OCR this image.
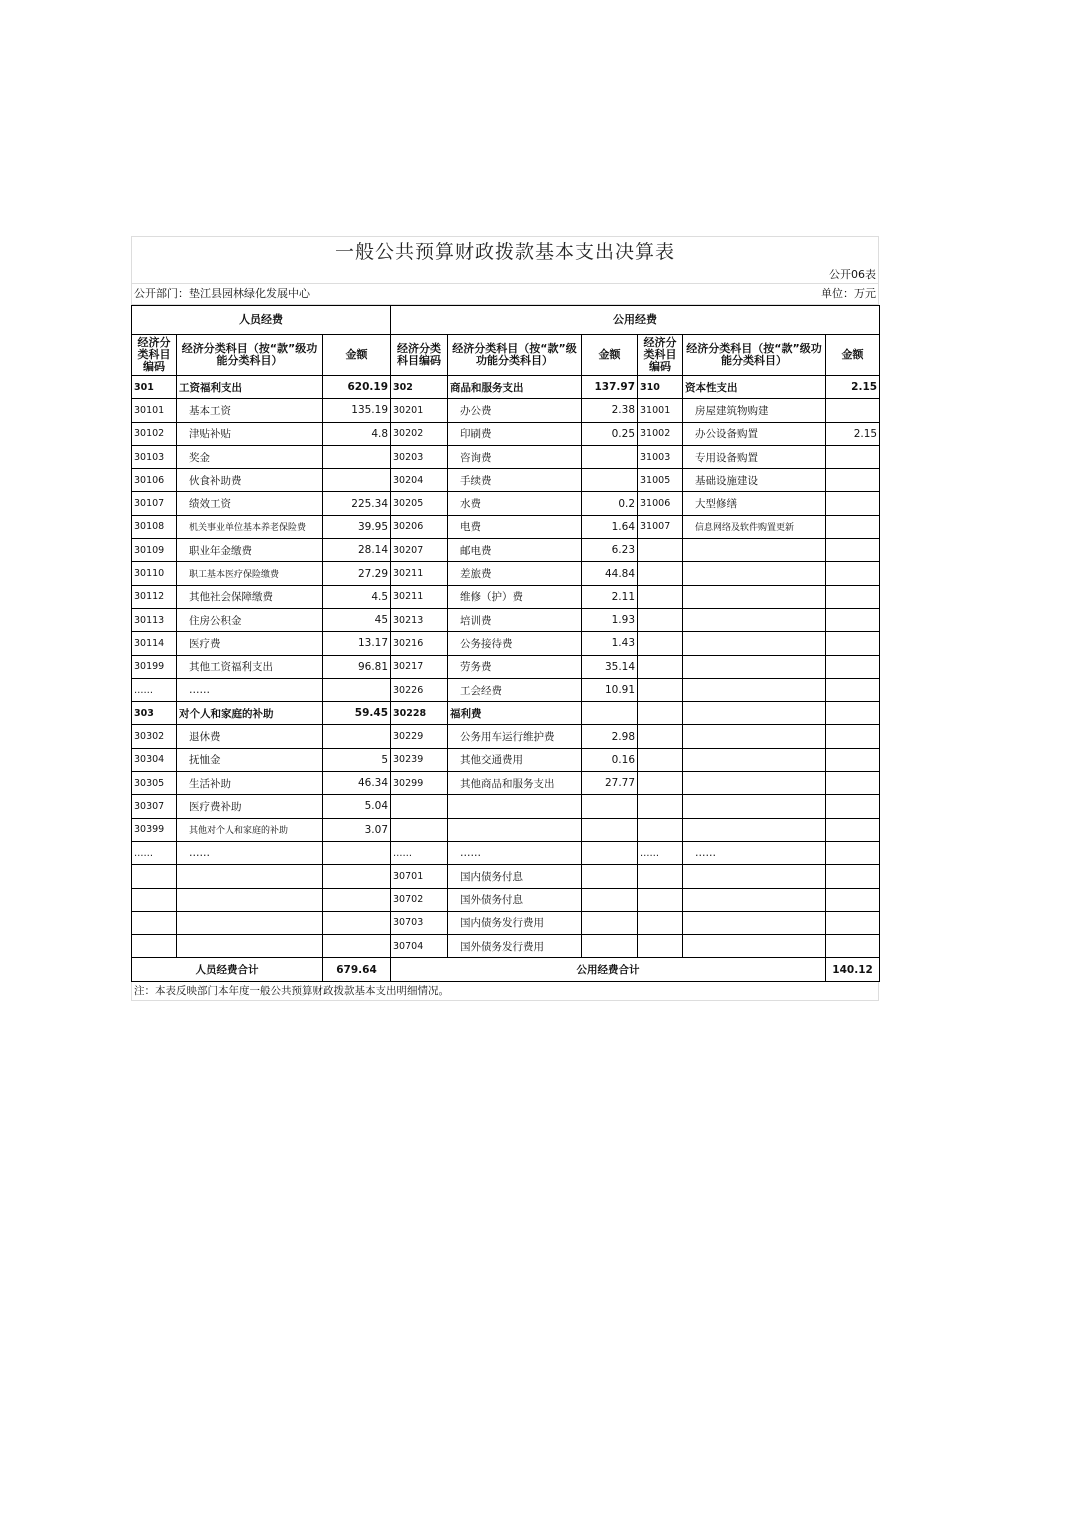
一般公共预算财政拨款基本支出决算表
公开06表
公开部门：垫江县园林绿化发展中心	单位：万元
人员经费			公用经费					
经济分类科目编码	经济分类科目（按“款”级功能分类科目）	金额	经济分类科目编码	经济分类科目（按“款”级功能分类科目）	金额	经济分类科目编码	经济分类科目（按“款”级功能分类科目）	金额
301	工资福利支出	620.19	302	商品和服务支出	137.97	310	资本性支出	2.15
30101	基本工资	135.19	30201	办公费	2.38	31001	房屋建筑物购建	
30102	津贴补贴	4.8	30202	印刷费	0.25	31002	办公设备购置	2.15
30103	奖金		30203	咨询费		31003	专用设备购置	
30106	伙食补助费		30204	手续费		31005	基础设施建设	
30107	绩效工资	225.34	30205	水费	0.2	31006	大型修缮	
30108	机关事业单位基本养老保险费	39.95	30206	电费	1.64	31007	信息网络及软件购置更新	
30109	职业年金缴费	28.14	30207	邮电费	6.23			
30110	职工基本医疗保险缴费	27.29	30211	差旅费	44.84			
30112	其他社会保障缴费	4.5	30211	维修（护）费	2.11			
30113	住房公积金	45	30213	培训费	1.93			
30114	医疗费	13.17	30216	公务接待费	1.43			
30199	其他工资福利支出	96.81	30217	劳务费	35.14			
……	……		30226	工会经费	10.91			
303	对个人和家庭的补助	59.45	30228	福利费				
30302	退休费		30229	公务用车运行维护费	2.98			
30304	抚恤金	5	30239	其他交通费用	0.16			
30305	生活补助	46.34	30299	其他商品和服务支出	27.77			
30307	医疗费补助	5.04						
30399	其他对个人和家庭的补助	3.07						
……	……		……	……		……	……	
			30701	国内债务付息				
			30702	国外债务付息				
			30703	国内债务发行费用				
			30704	国外债务发行费用				
人员经费合计		679.64	公用经费合计					140.12
注：本表反映部门本年度一般公共预算财政拨款基本支出明细情况。
